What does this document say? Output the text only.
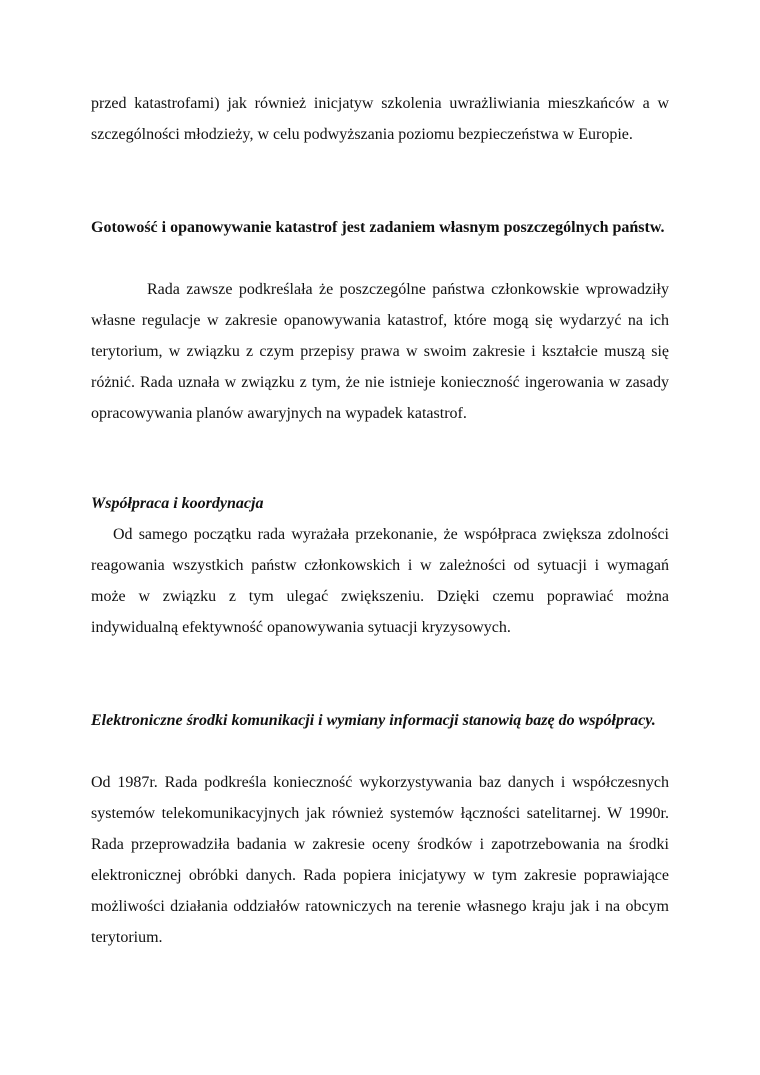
przed katastrofami) jak również inicjatyw szkolenia uwrażliwiania mieszkańców a w szczególności młodzieży, w celu podwyższania poziomu bezpieczeństwa w Europie.

Gotowość i opanowywanie katastrof jest zadaniem własnym poszczególnych państw.

Rada zawsze podkreślała że poszczególne państwa członkowskie wprowadziły własne regulacje w zakresie opanowywania katastrof, które mogą się wydarzyć na ich terytorium, w związku z czym przepisy prawa w swoim zakresie i kształcie muszą się różnić. Rada uznała w związku z tym, że nie istnieje konieczność ingerowania w zasady opracowywania planów awaryjnych na wypadek katastrof.

Współpraca i koordynacja

Od samego początku rada wyrażała przekonanie, że współpraca zwiększa zdolności reagowania wszystkich państw członkowskich i w zależności od sytuacji i wymagań może w związku z tym ulegać zwiększeniu. Dzięki czemu poprawiać można indywidualną efektywność opanowywania sytuacji kryzysowych.

Elektroniczne środki komunikacji i wymiany informacji stanowią bazę do współpracy.

Od 1987r. Rada podkreśla konieczność wykorzystywania baz danych i współczesnych systemów telekomunikacyjnych jak również systemów łączności satelitarnej. W 1990r. Rada przeprowadziła badania w zakresie oceny środków i zapotrzebowania na środki elektronicznej obróbki danych. Rada popiera inicjatywy w tym zakresie poprawiające możliwości działania oddziałów ratowniczych na terenie własnego kraju jak i na obcym terytorium.
